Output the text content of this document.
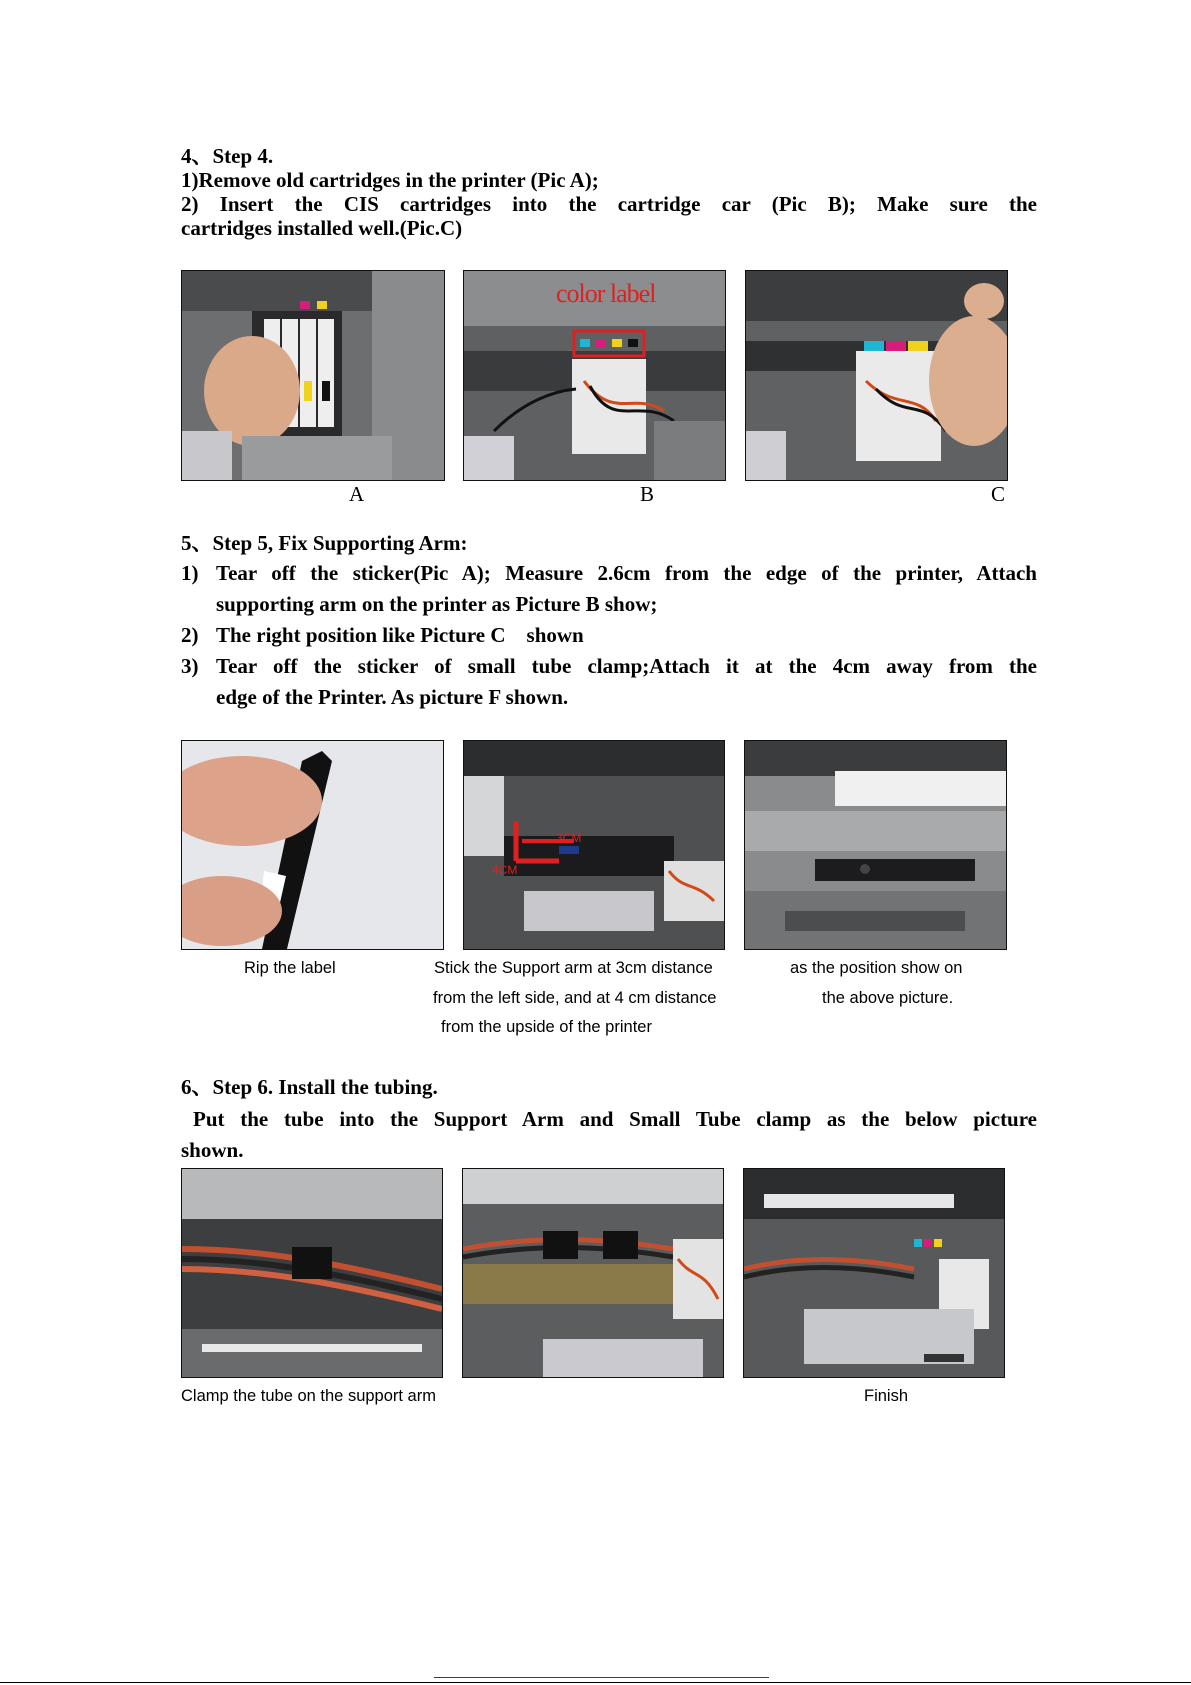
4、Step 4.
1)Remove old cartridges in the printer (Pic A);
2) Insert the CIS cartridges into the cartridge car (Pic B); Make sure the
cartridges installed well.(Pic.C)
color label
A	B	C
5、Step 5, Fix Supporting Arm:
1) Tear off the sticker(Pic A); Measure 2.6cm from the edge of the printer, Attach
supporting arm on the printer as Picture B show;
2) The right position like Picture C    shown
3) Tear off the sticker of small tube clamp;Attach it at the 4cm away from the
edge of the Printer. As picture F shown.
3CM
4CM
Rip the label	Stick the Support arm at 3cm distance
from the left side, and at 4 cm distance
from the upside of the printer
as the position show on
the above picture.
6、Step 6. Install the tubing.
Put the tube into the Support Arm and Small Tube clamp as the below picture
shown.
Clamp the tube on the support arm	Finish
